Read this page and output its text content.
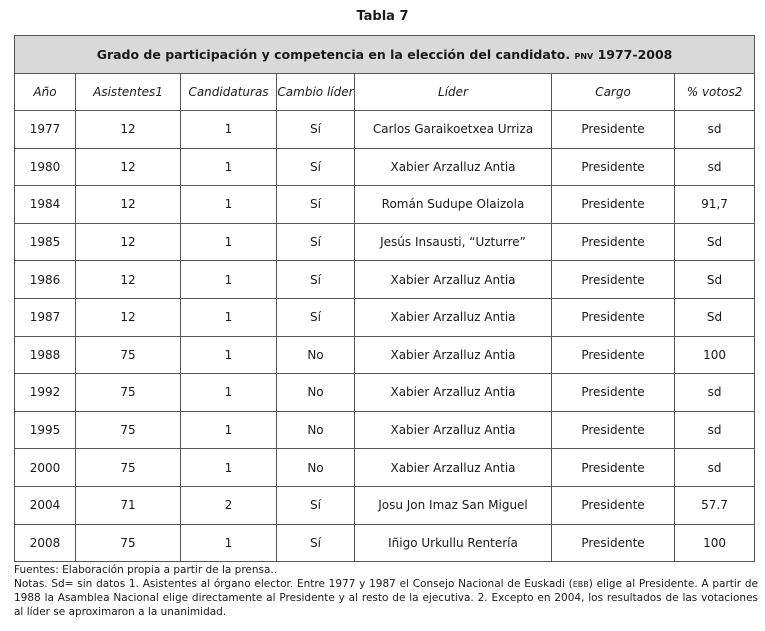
Tabla 7
Grado de participación y competencia en la elección del candidato. pnv 1977-2008						
Año	Asistentes1	Candidaturas	Cambio líder	Líder	Cargo	% votos2
1977	12	1	Sí	Carlos Garaikoetxea Urriza	Presidente	sd
1980	12	1	Sí	Xabier Arzalluz Antia	Presidente	sd
1984	12	1	Sí	Román Sudupe Olaizola	Presidente	91,7
1985	12	1	Sí	Jesús Insausti, “Uzturre”	Presidente	Sd
1986	12	1	Sí	Xabier Arzalluz Antia	Presidente	Sd
1987	12	1	Sí	Xabier Arzalluz Antia	Presidente	Sd
1988	75	1	No	Xabier Arzalluz Antia	Presidente	100
1992	75	1	No	Xabier Arzalluz Antia	Presidente	sd
1995	75	1	No	Xabier Arzalluz Antia	Presidente	sd
2000	75	1	No	Xabier Arzalluz Antia	Presidente	sd
2004	71	2	Sí	Josu Jon Imaz San Miguel	Presidente	57.7
2008	75	1	Sí	Iñigo Urkullu Rentería	Presidente	100

Fuentes: Elaboración propia a partir de la prensa..

Notas. Sd= sin datos 1. Asistentes al órgano elector. Entre 1977 y 1987 el Consejo Nacional de Euskadi (ebb) elige al Presidente. A partir de 1988 la Asamblea Nacional elige directamente al Presidente y al resto de la ejecutiva. 2. Excepto en 2004, los resultados de las votaciones al líder se aproximaron a la unanimidad.
